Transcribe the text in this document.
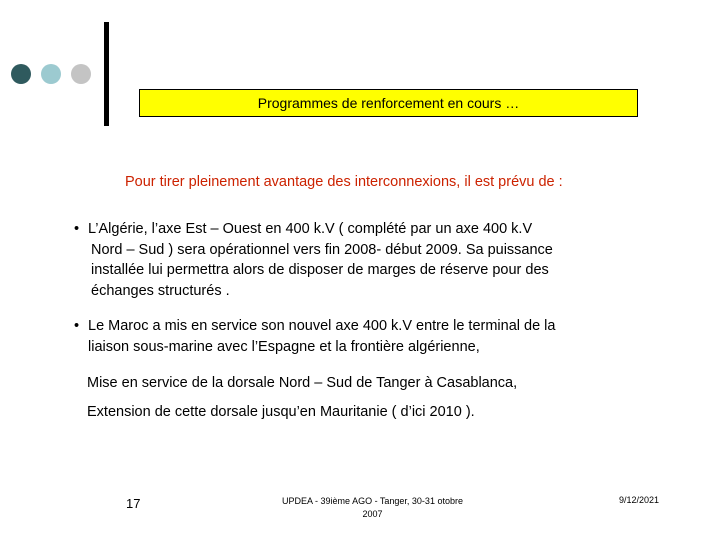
Programmes de renforcement en cours …
Pour tirer pleinement avantage des interconnexions, il est prévu de :
• L’Algérie, l’axe Est – Ouest en 400 k.V ( complété par un axe 400 k.V
Nord – Sud ) sera opérationnel vers fin 2008- début 2009. Sa puissance
installée lui permettra alors de disposer de marges de réserve pour des
échanges structurés .
• Le Maroc a mis en service son nouvel axe 400 k.V entre le terminal de la
liaison sous-marine avec l’Espagne et la frontière algérienne,
Mise en service de la dorsale Nord – Sud de Tanger à Casablanca,
Extension de cette dorsale jusqu’en Mauritanie ( d’ici 2010 ).
17	UPDEA - 39ième AGO - Tanger, 30-31 otobre
2007
9/12/2021
